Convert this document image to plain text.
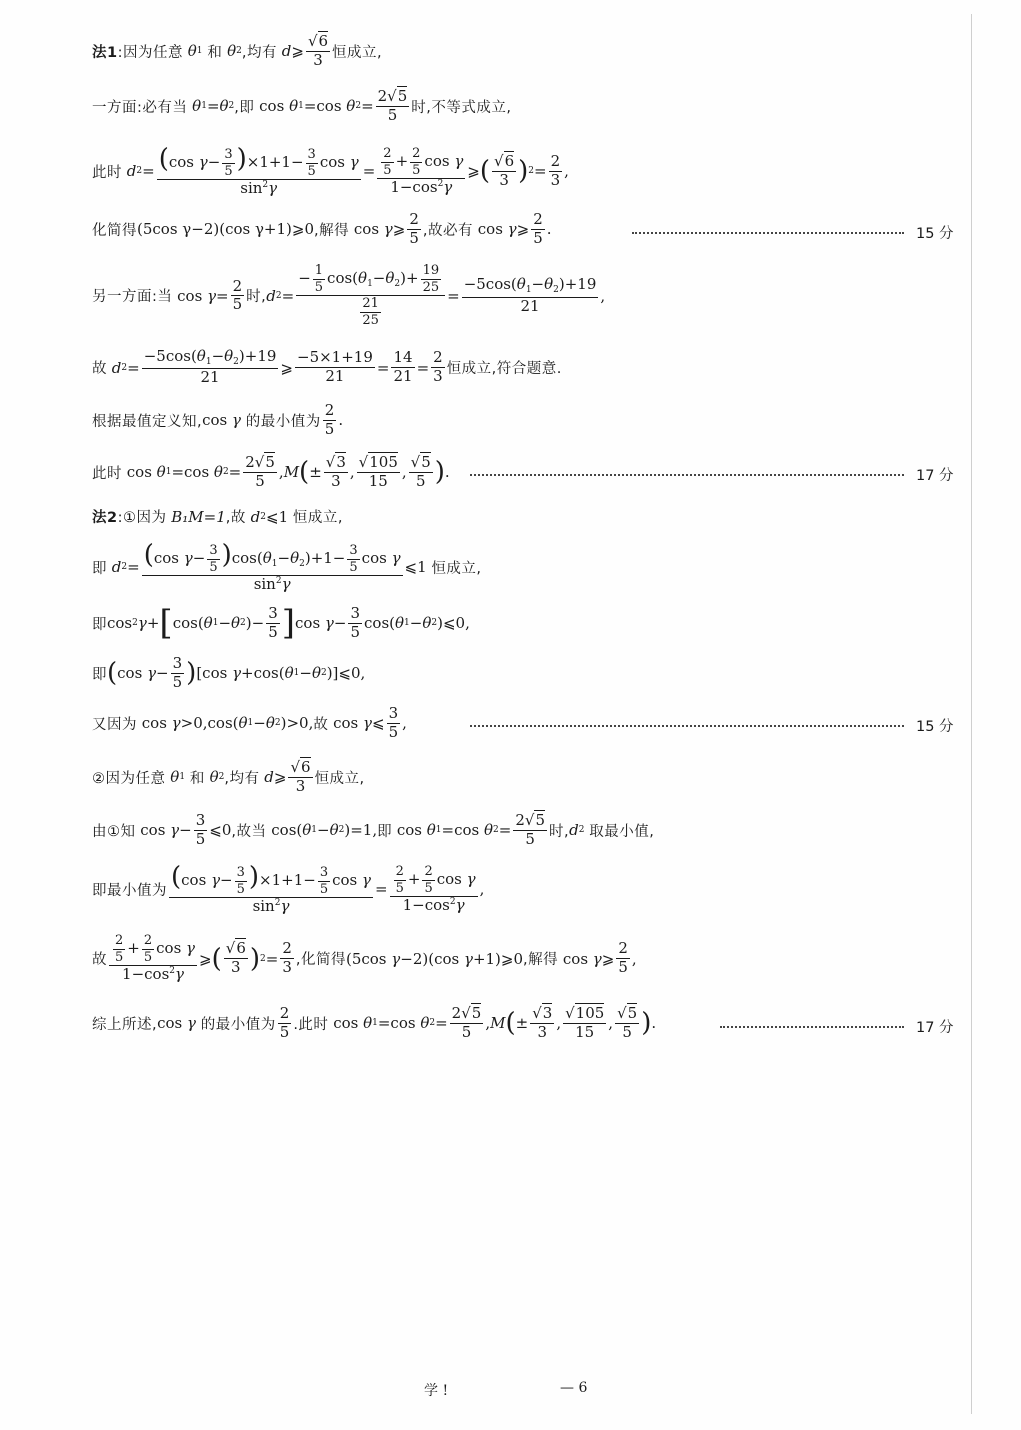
法1 :因为任意
θ 1
和
θ 2 ,均有
d ⩾ $\frac{√6}{3}$ 恒成立,
一方面:必有当
θ 1 = θ 2 ,即 cos θ 1 =cos θ $2 = \frac{2√5}{5}$ 时,不等式成立,
此时
d $2 = \frac{(\cos \gamma- \frac{3}{5} )\times 1+1- \frac{3}{5} \cos \gamma}{\sin^2\gamma} = \frac{\frac{2}{5} + \frac{2}{5} \cos \gamma}{1-\cos^2\gamma}$ ⩾ ( $\frac{√6}{3}$ ) $2 = \frac{2}{3}$ ,
化简得 (5cos γ−2)(cos γ+1)⩾0 ,解得 cos γ ⩾ $\frac{2}{5}$ ,故必有 cos γ ⩾ $\frac{2}{5}$ .	15 分
另一方面:当 $\cos \gamma = \frac{2}{5}$ 时, d $2 = \frac{- \frac{1}{5} \cos(\theta_1-\theta_2)+ \frac{19}{25}}{\frac{21}{25}} = \frac{-5\cos(\theta_1-\theta_2)+19}{21}$ ,
故
d $2 = \frac{-5\cos(\theta_1-\theta_2)+19}{21}$ ⩾ $\frac{-5\times 1+19}{21} = \frac{14}{21} = \frac{2}{3}$ 恒成立,符合题意.
根据最值定义知, cos γ
的最小值为 $\frac{2}{5}$ .
此时 cos θ 1 =cos θ $2 = \frac{2√5}{5}$ , M ( ± $\frac{√3}{3}$ , $\frac{√105}{15}$ , $\frac{√5}{5}$ ) .	17 分
法2 :①因为
B₁M=1 ,故
d 2 ⩽1 恒成立,
即
d $2 = \frac{(\cos \gamma- \frac{3}{5} )\cos(\theta_1-\theta_2)+1- \frac{3}{5} \cos \gamma}{\sin^2\gamma}$ ⩽1 恒成立,
即 cos 2 γ + [ cos( θ 1 − θ 2 )− $\frac{3}{5}$ ] $\cos \gamma - \frac{3}{5} \cos$( θ 1 − θ 2 )⩽0,
即 ( $\cos \gamma - \frac{3}{5}$ ) [cos γ +cos( θ 1 − θ 2 )]⩽0,
又因为 cos γ >0,cos( θ 1 − θ 2 )>0, 故 cos γ ⩽ $\frac{3}{5}$ ,	15 分
②因为任意
θ 1
和
θ 2 ,均有
d ⩾ $\frac{√6}{3}$ 恒成立,
由①知 $\cos \gamma - \frac{3}{5}$ ⩽0 ,故当 cos( θ 1 − θ 2 )=1, 即 cos θ 1 =cos θ $2 = \frac{2√5}{5}$ 时, d 2
取最小值,
即最小值为 $\frac{(\cos \gamma- \frac{3}{5} )\times 1+1- \frac{3}{5} \cos \gamma}{\sin^2\gamma} = \frac{\frac{2}{5} + \frac{2}{5} \cos \gamma}{1-\cos^2\gamma}$ ,
故 $\frac{\frac{2}{5} + \frac{2}{5} \cos \gamma}{1-\cos^2\gamma}$ ⩾ ( $\frac{√6}{3}$ ) $2 = \frac{2}{3}$ ,化简得 (5cos γ −2)(cos γ +1)⩾0 ,解得 cos γ ⩾ $\frac{2}{5}$ ,
综上所述, cos γ
的最小值为 $\frac{2}{5}$ .此时 cos θ 1 =cos θ $2 = \frac{2√5}{5}$ , M ( ± $\frac{√3}{3}$ , $\frac{√105}{15}$ , $\frac{√5}{5}$ ) .	17 分
学 !	— 6
